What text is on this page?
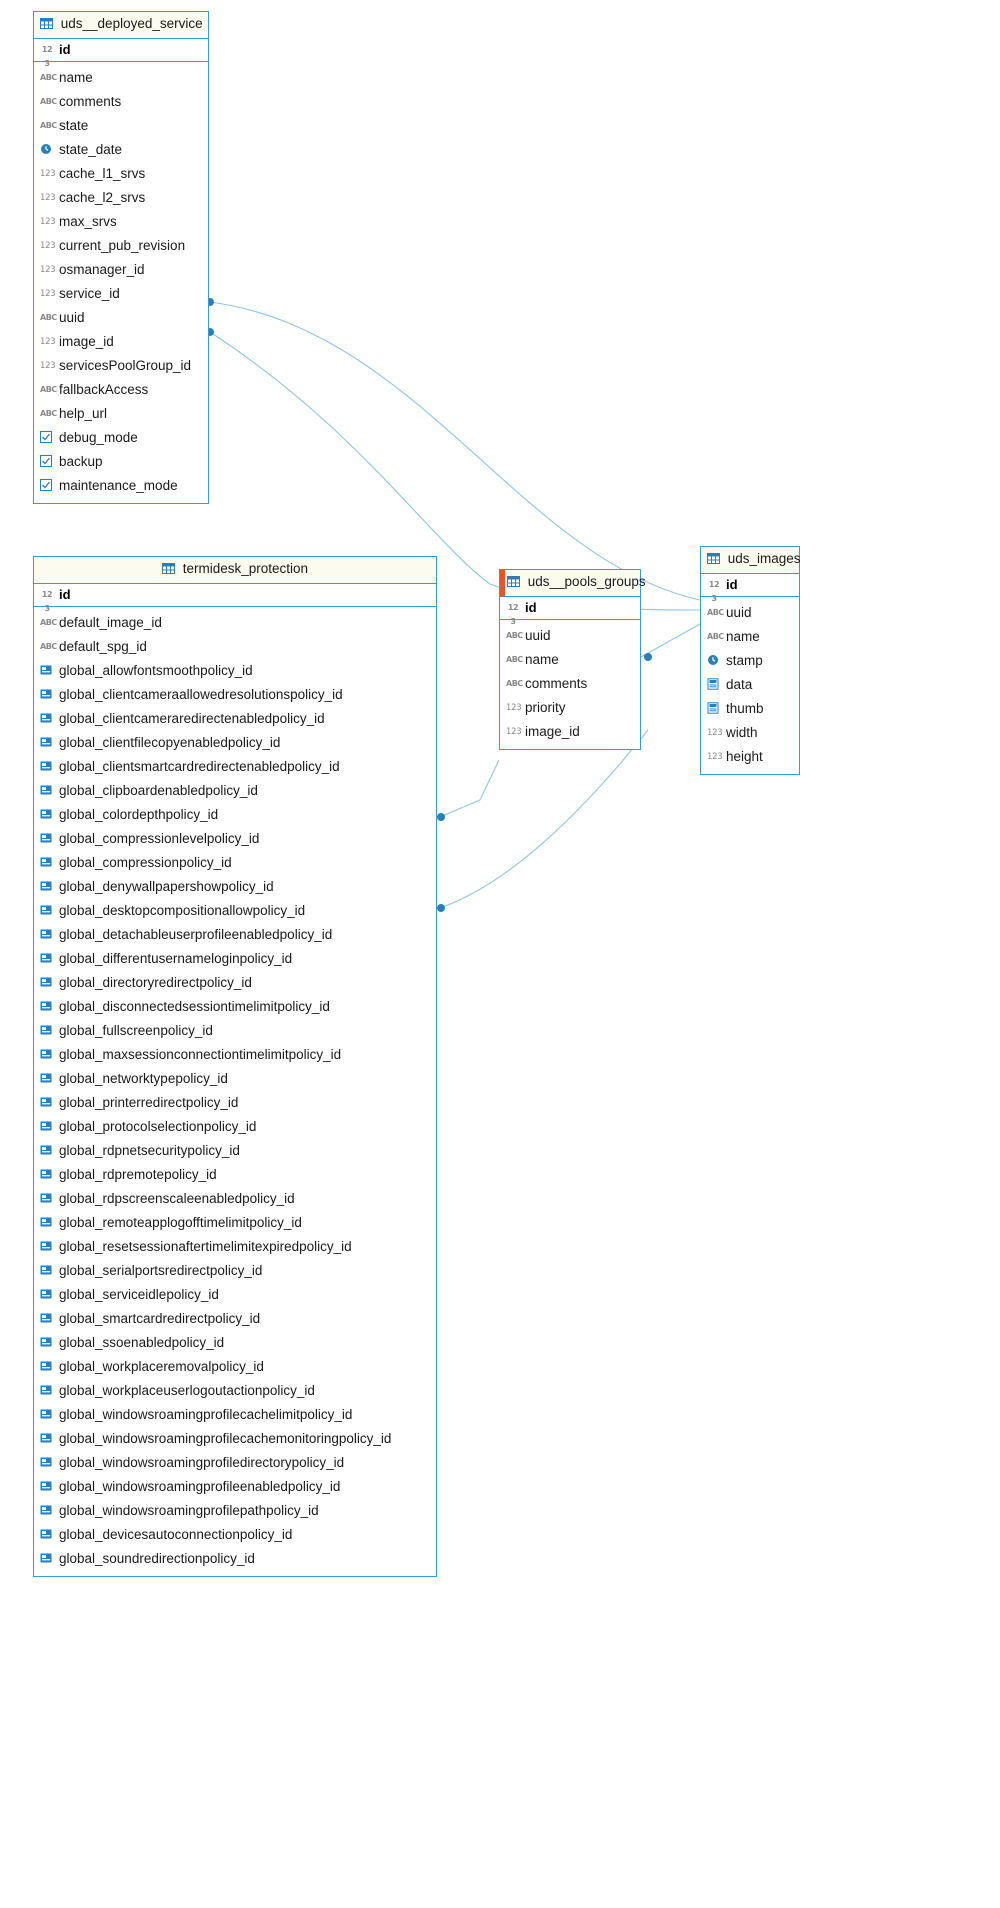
uds__deployed_service
1​2​3
id
ABC name
ABC comments
ABC state
state_date
123 cache_l1_srvs
123 cache_l2_srvs
123 max_srvs
123 current_pub_revision
123 osmanager_id
123 service_id
ABC uuid
123 image_id
123 servicesPoolGroup_id
ABC fallbackAccess
ABC help_url
debug_mode
backup
maintenance_mode
termidesk_protection
1​2​3
id
ABC default_image_id
ABC default_spg_id
global_allowfontsmoothpolicy_id
global_clientcameraallowedresolutionspolicy_id
global_clientcameraredirectenabledpolicy_id
global_clientfilecopyenabledpolicy_id
global_clientsmartcardredirectenabledpolicy_id
global_clipboardenabledpolicy_id
global_colordepthpolicy_id
global_compressionlevelpolicy_id
global_compressionpolicy_id
global_denywallpapershowpolicy_id
global_desktopcompositionallowpolicy_id
global_detachableuserprofileenabledpolicy_id
global_differentusernameloginpolicy_id
global_directoryredirectpolicy_id
global_disconnectedsessiontimelimitpolicy_id
global_fullscreenpolicy_id
global_maxsessionconnectiontimelimitpolicy_id
global_networktypepolicy_id
global_printerredirectpolicy_id
global_protocolselectionpolicy_id
global_rdpnetsecuritypolicy_id
global_rdpremotepolicy_id
global_rdpscreenscaleenabledpolicy_id
global_remoteapplogofftimelimitpolicy_id
global_resetsessionaftertimelimitexpiredpolicy_id
global_serialportsredirectpolicy_id
global_serviceidlepolicy_id
global_smartcardredirectpolicy_id
global_ssoenabledpolicy_id
global_workplaceremovalpolicy_id
global_workplaceuserlogoutactionpolicy_id
global_windowsroamingprofilecachelimitpolicy_id
global_windowsroamingprofilecachemonitoringpolicy_id
global_windowsroamingprofiledirectorypolicy_id
global_windowsroamingprofileenabledpolicy_id
global_windowsroamingprofilepathpolicy_id
global_devicesautoconnectionpolicy_id
global_soundredirectionpolicy_id
uds__pools_groups
1​2​3
id
ABC uuid
ABC name
ABC comments
123 priority
123 image_id
uds_images
1​2​3
id
ABC uuid
ABC name
stamp
data
thumb
123 width
123 height
